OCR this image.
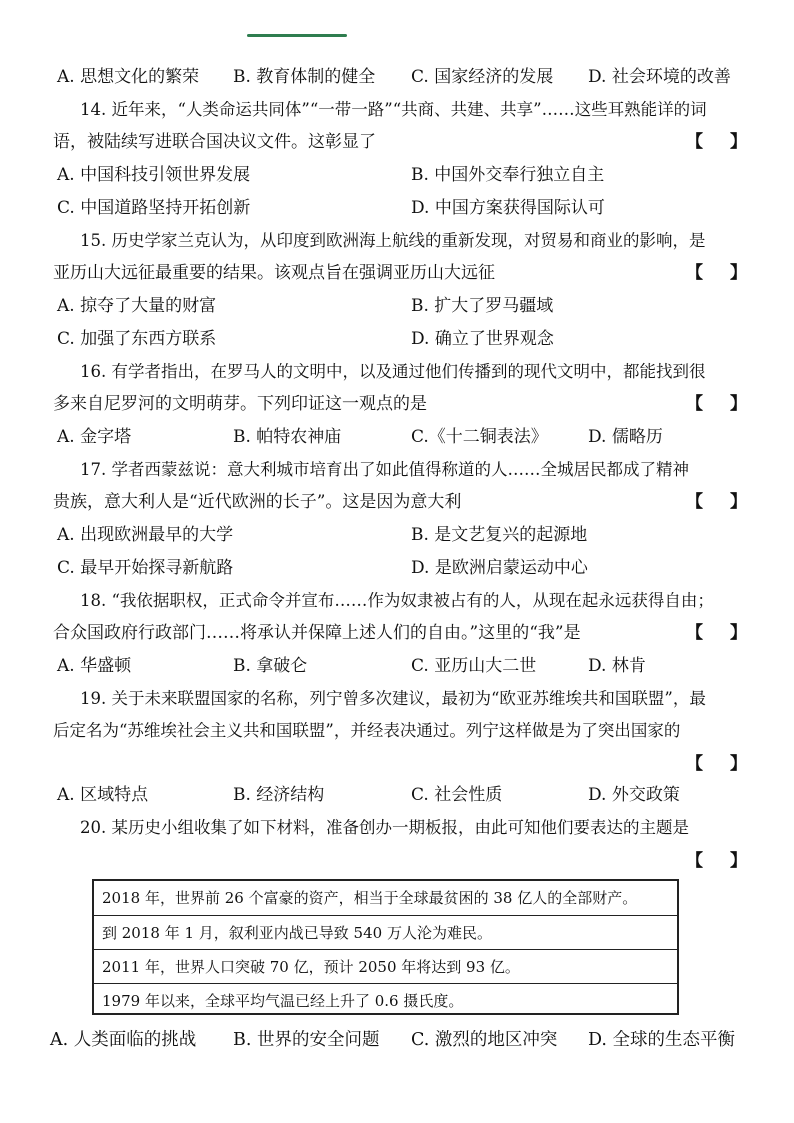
A. 思想文化的繁荣 B. 教育体制的健全 C. 国家经济的发展 D. 社会环境的改善
14. 近年来，“人类命运共同体”“一带一路”“共商、共建、共享”……这些耳熟能详的词
语，被陆续写进联合国决议文件。这彰显了	【 】
A. 中国科技引领世界发展	B. 中国外交奉行独立自主
C. 中国道路坚持开拓创新	D. 中国方案获得国际认可
15. 历史学家兰克认为，从印度到欧洲海上航线的重新发现，对贸易和商业的影响，是
亚历山大远征最重要的结果。该观点旨在强调亚历山大远征	【 】
A. 掠夺了大量的财富	B. 扩大了罗马疆域
C. 加强了东西方联系	D. 确立了世界观念
16. 有学者指出，在罗马人的文明中，以及通过他们传播到的现代文明中，都能找到很
多来自尼罗河的文明萌芽。下列印证这一观点的是	【 】
A. 金字塔	B. 帕特农神庙	C.《十二铜表法》 D. 儒略历
17. 学者西蒙兹说：意大利城市培育出了如此值得称道的人……全城居民都成了精神
贵族，意大利人是“近代欧洲的长子”。这是因为意大利	【 】
A. 出现欧洲最早的大学	B. 是文艺复兴的起源地
C. 最早开始探寻新航路	D. 是欧洲启蒙运动中心
18. “我依据职权，正式命令并宣布……作为奴隶被占有的人，从现在起永远获得自由；
合众国政府行政部门……将承认并保障上述人们的自由。”这里的“我”是	【 】
A. 华盛顿	B. 拿破仑	C. 亚历山大二世	D. 林肯
19. 关于未来联盟国家的名称，列宁曾多次建议，最初为“欧亚苏维埃共和国联盟”，最
后定名为“苏维埃社会主义共和国联盟”，并经表决通过。列宁这样做是为了突出国家的
【 】
A. 区域特点	B. 经济结构	C. 社会性质	D. 外交政策
20. 某历史小组收集了如下材料，准备创办一期板报，由此可知他们要表达的主题是
【 】
2018 年，世界前 26 个富豪的资产，相当于全球最贫困的 38 亿人的全部财产。
到 2018 年 1 月，叙利亚内战已导致 540 万人沦为难民。
2011 年，世界人口突破 70 亿，预计 2050 年将达到 93 亿。
1979 年以来，全球平均气温已经上升了 0.6 摄氏度。
A. 人类面临的挑战 B. 世界的安全问题 C. 激烈的地区冲突 D. 全球的生态平衡
